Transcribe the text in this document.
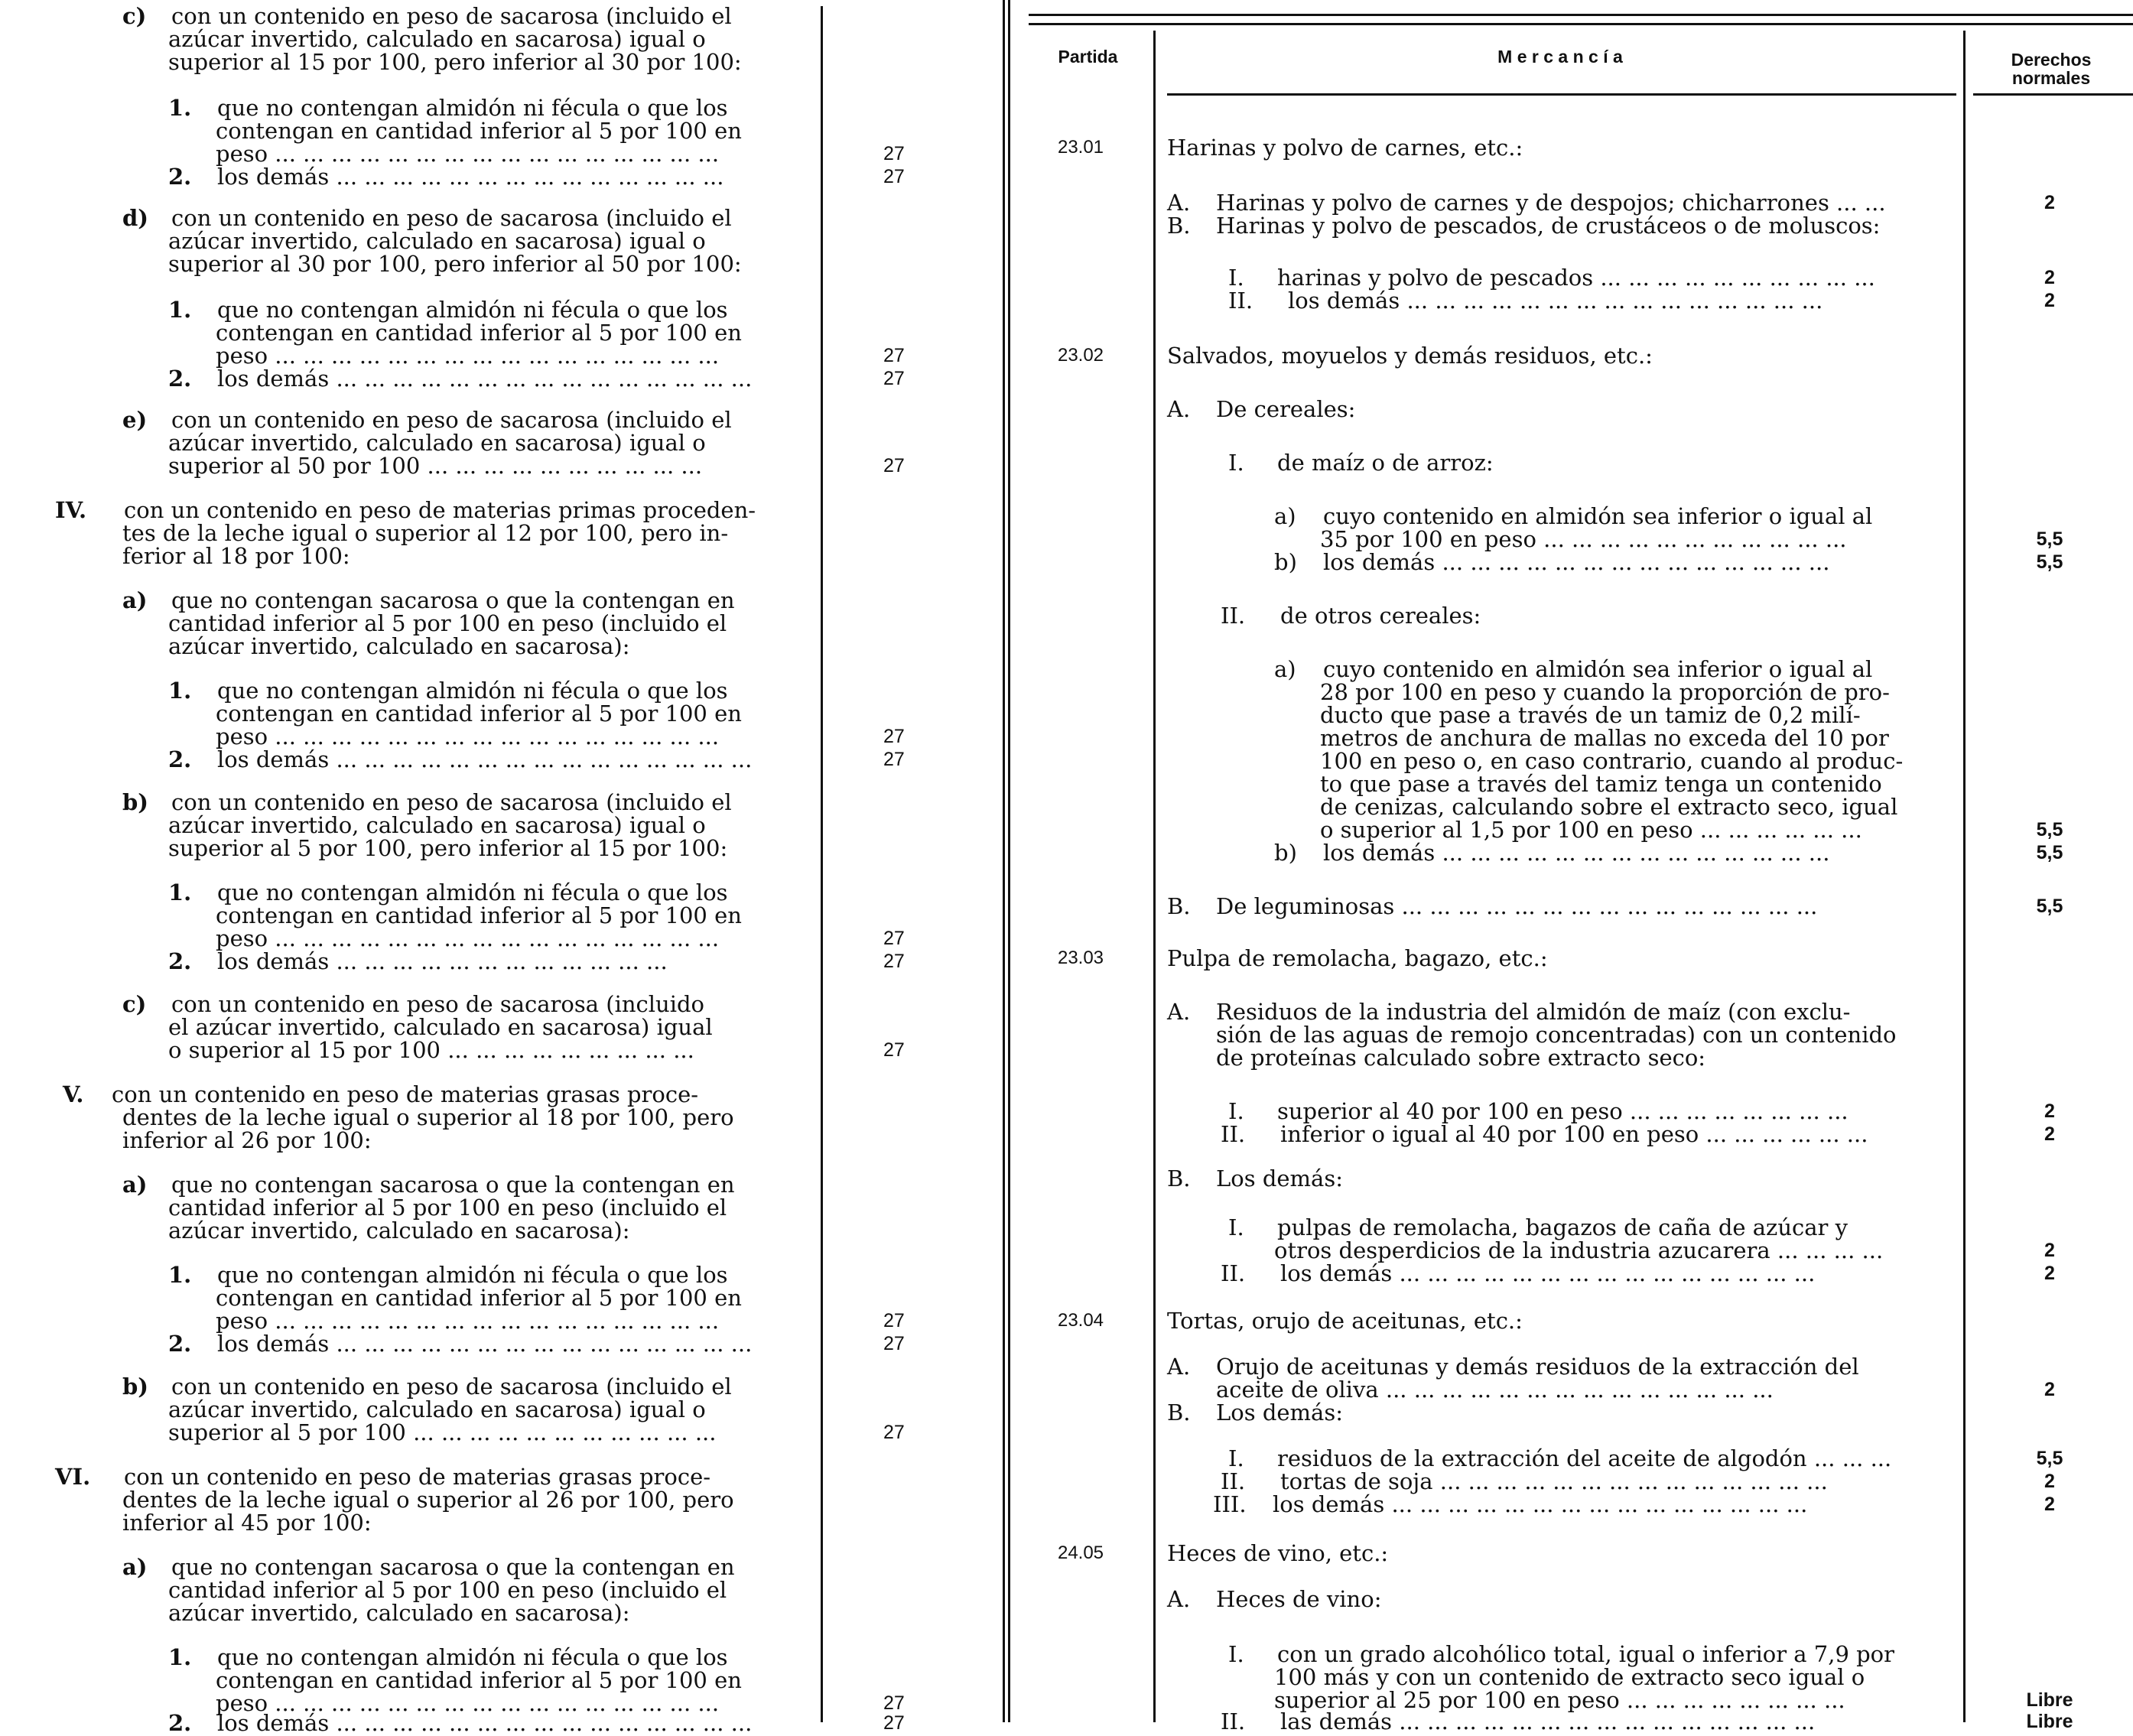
Partida	M e r c a n c í a	Derechos
normales
c) con un contenido en peso de sacarosa (incluido el
azúcar invertido, calculado en sacarosa) igual o
superior al 15 por 100, pero inferior al 30 por 100:
1. que no contengan almidón ni fécula o que los
contengan en cantidad inferior al 5 por 100 en
peso ... ... ... ... ... ... ... ... ... ... ... ... ... ... ... ...	27
2. los demás ... ... ... ... ... ... ... ... ... ... ... ... ... ...	27
d) con un contenido en peso de sacarosa (incluido el
azúcar invertido, calculado en sacarosa) igual o
superior al 30 por 100, pero inferior al 50 por 100:
1. que no contengan almidón ni fécula o que los
contengan en cantidad inferior al 5 por 100 en
peso ... ... ... ... ... ... ... ... ... ... ... ... ... ... ... ...	27
2. los demás ... ... ... ... ... ... ... ... ... ... ... ... ... ... ...	27
e) con un contenido en peso de sacarosa (incluido el
azúcar invertido, calculado en sacarosa) igual o
superior al 50 por 100 ... ... ... ... ... ... ... ... ... ...	27
IV. con un contenido en peso de materias primas proceden-
tes de la leche igual o superior al 12 por 100, pero in-
ferior al 18 por 100:
a) que no contengan sacarosa o que la contengan en
cantidad inferior al 5 por 100 en peso (incluido el
azúcar invertido, calculado en sacarosa):
1. que no contengan almidón ni fécula o que los
contengan en cantidad inferior al 5 por 100 en
peso ... ... ... ... ... ... ... ... ... ... ... ... ... ... ... ...	27
2. los demás ... ... ... ... ... ... ... ... ... ... ... ... ... ... ...	27
b) con un contenido en peso de sacarosa (incluido el
azúcar invertido, calculado en sacarosa) igual o
superior al 5 por 100, pero inferior al 15 por 100:
1. que no contengan almidón ni fécula o que los
contengan en cantidad inferior al 5 por 100 en
peso ... ... ... ... ... ... ... ... ... ... ... ... ... ... ... ...	27
2. los demás ... ... ... ... ... ... ... ... ... ... ... ...	27
c) con un contenido en peso de sacarosa (incluido
el azúcar invertido, calculado en sacarosa) igual
o superior al 15 por 100 ... ... ... ... ... ... ... ... ...	27
V. con un contenido en peso de materias grasas proce-
dentes de la leche igual o superior al 18 por 100, pero
inferior al 26 por 100:
a) que no contengan sacarosa o que la contengan en
cantidad inferior al 5 por 100 en peso (incluido el
azúcar invertido, calculado en sacarosa):
1. que no contengan almidón ni fécula o que los
contengan en cantidad inferior al 5 por 100 en
peso ... ... ... ... ... ... ... ... ... ... ... ... ... ... ... ...	27
2. los demás ... ... ... ... ... ... ... ... ... ... ... ... ... ... ...	27
b) con un contenido en peso de sacarosa (incluido el
azúcar invertido, calculado en sacarosa) igual o
superior al 5 por 100 ... ... ... ... ... ... ... ... ... ... ...	27
VI. con un contenido en peso de materias grasas proce-
dentes de la leche igual o superior al 26 por 100, pero
inferior al 45 por 100:
a) que no contengan sacarosa o que la contengan en
cantidad inferior al 5 por 100 en peso (incluido el
azúcar invertido, calculado en sacarosa):
1. que no contengan almidón ni fécula o que los
contengan en cantidad inferior al 5 por 100 en
peso ... ... ... ... ... ... ... ... ... ... ... ... ... ... ... ...	27
2. los demás ... ... ... ... ... ... ... ... ... ... ... ... ... ... ...	27
23.01	Harinas y polvo de carnes, etc.:
A. Harinas y polvo de carnes y de despojos; chicharrones ... ...	2
B. Harinas y polvo de pescados, de crustáceos o de moluscos:
I. harinas y polvo de pescados ... ... ... ... ... ... ... ... ... ...	2
II. los demás ... ... ... ... ... ... ... ... ... ... ... ... ... ... ...	2
23.02	Salvados, moyuelos y demás residuos, etc.:
A. De cereales:
I. de maíz o de arroz:
a) cuyo contenido en almidón sea inferior o igual al
35 por 100 en peso ... ... ... ... ... ... ... ... ... ... ...	5,5
b) los demás ... ... ... ... ... ... ... ... ... ... ... ... ... ...	5,5
II. de otros cereales:
a) cuyo contenido en almidón sea inferior o igual al
28 por 100 en peso y cuando la proporción de pro-
ducto que pase a través de un tamiz de 0,2 milí-
metros de anchura de mallas no exceda del 10 por
100 en peso o, en caso contrario, cuando al produc-
to que pase a través del tamiz tenga un contenido
de cenizas, calculando sobre el extracto seco, igual
o superior al 1,5 por 100 en peso ... ... ... ... ... ...	5,5
b) los demás ... ... ... ... ... ... ... ... ... ... ... ... ... ...	5,5
B. De leguminosas ... ... ... ... ... ... ... ... ... ... ... ... ... ... ...	5,5
23.03	Pulpa de remolacha, bagazo, etc.:
A. Residuos de la industria del almidón de maíz (con exclu-
sión de las aguas de remojo concentradas) con un contenido
de proteínas calculado sobre extracto seco:
I. superior al 40 por 100 en peso ... ... ... ... ... ... ... ...	2
II. inferior o igual al 40 por 100 en peso ... ... ... ... ... ...	2
B. Los demás:
I. pulpas de remolacha, bagazos de caña de azúcar y
otros desperdicios de la industria azucarera ... ... ... ...	2
II. los demás ... ... ... ... ... ... ... ... ... ... ... ... ... ... ...	2
23.04	Tortas, orujo de aceitunas, etc.:
A. Orujo de aceitunas y demás residuos de la extracción del
aceite de oliva ... ... ... ... ... ... ... ... ... ... ... ... ... ...	2
B. Los demás:
I. residuos de la extracción del aceite de algodón ... ... ...	5,5
II. tortas de soja ... ... ... ... ... ... ... ... ... ... ... ... ... ...	2
III. los demás ... ... ... ... ... ... ... ... ... ... ... ... ... ... ...	2
24.05	Heces de vino, etc.:
A. Heces de vino:
I. con un grado alcohólico total, igual o inferior a 7,9 por
100 más y con un contenido de extracto seco igual o
superior al 25 por 100 en peso ... ... ... ... ... ... ... ...	Libre
II. las demás ... ... ... ... ... ... ... ... ... ... ... ... ... ... ...	Libre
